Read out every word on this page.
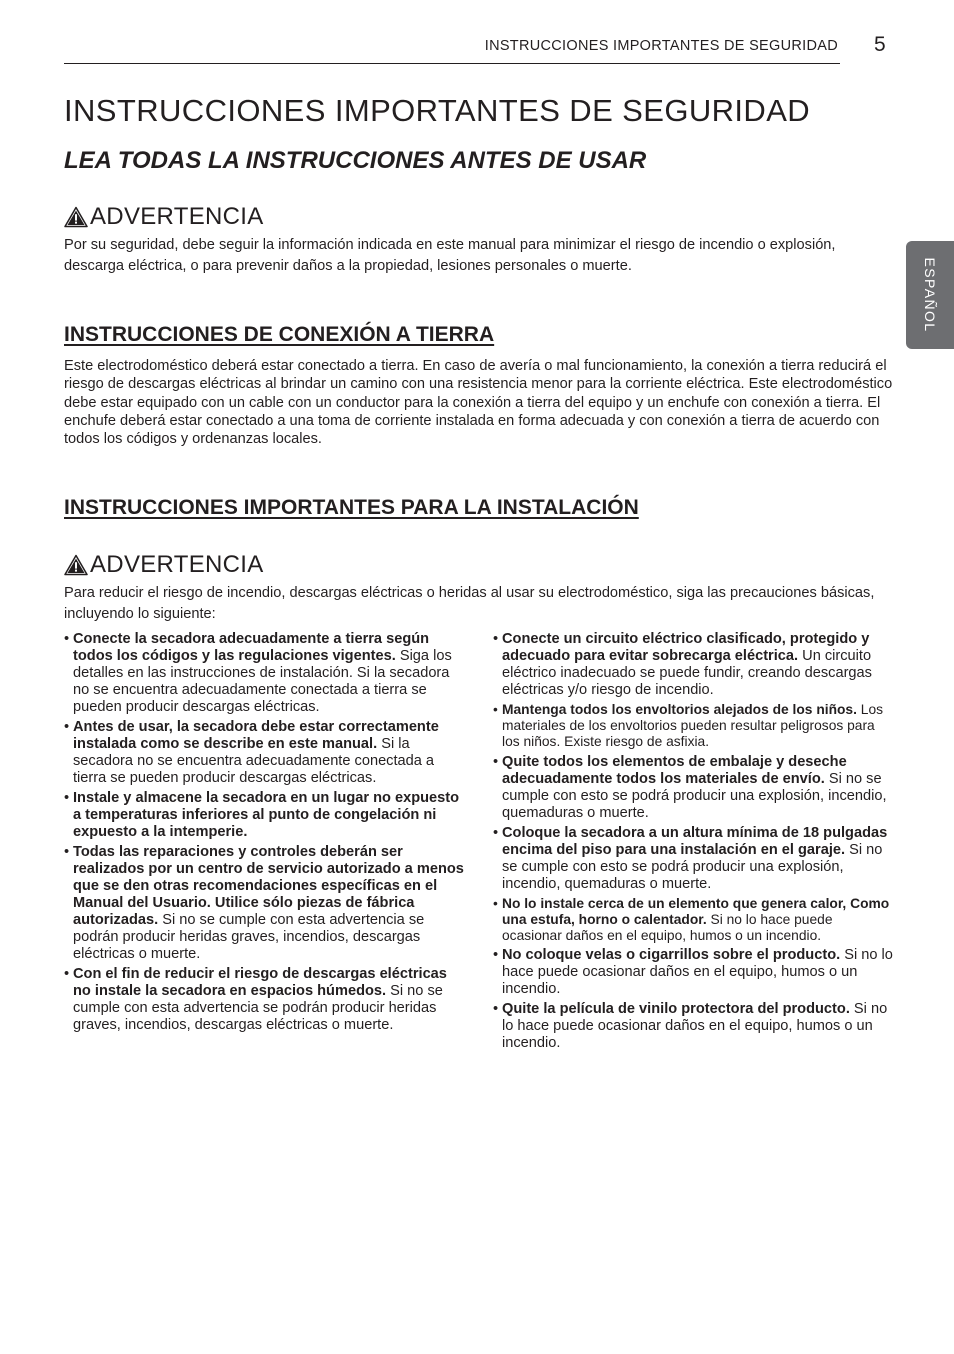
INSTRUCCIONES IMPORTANTES DE SEGURIDAD 5
ESPAÑOL
INSTRUCCIONES IMPORTANTES DE SEGURIDAD
LEA TODAS LA INSTRUCCIONES ANTES DE USAR
ADVERTENCIA

Por su seguridad, debe seguir la información indicada en este manual para minimizar el riesgo de incendio o explosión, descarga eléctrica, o para prevenir daños a la propiedad, lesiones personales o muerte.

INSTRUCCIONES DE CONEXIÓN A TIERRA

Este electrodoméstico deberá estar conectado a tierra. En caso de avería o mal funcionamiento, la conexión a tierra reducirá el riesgo de descargas eléctricas al brindar un camino con una resistencia menor para la corriente eléctrica. Este electrodoméstico debe estar equipado con un cable con un conductor para la conexión a tierra del equipo y un enchufe con conexión a tierra. El enchufe deberá estar conectado a una toma de corriente instalada en forma adecuada y con conexión a tierra de acuerdo con todos los códigos y ordenanzas locales.

INSTRUCCIONES IMPORTANTES PARA LA INSTALACIÓN
ADVERTENCIA

Para reducir el riesgo de incendio, descargas eléctricas o heridas al usar su electrodoméstico, siga las precauciones básicas, incluyendo lo siguiente:

• Conecte la secadora adecuadamente a tierra según todos los códigos y las regulaciones vigentes. Siga los detalles en las instrucciones de instalación. Si la secadora no se encuentra adecuadamente conectada a tierra se pueden producir descargas eléctricas.
• Antes de usar, la secadora debe estar correctamente instalada como se describe en este manual. Si la secadora no se encuentra adecuadamente conectada a tierra se pueden producir descargas eléctricas.
• Instale y almacene la secadora en un lugar no expuesto a temperaturas inferiores al punto de congelación ni expuesto a la intemperie.
• Todas las reparaciones y controles deberán ser realizados por un centro de servicio autorizado a menos que se den otras recomendaciones específicas en el Manual del Usuario. Utilice sólo piezas de fábrica autorizadas. Si no se cumple con esta advertencia se podrán producir heridas graves, incendios, descargas eléctricas o muerte.
• Con el fin de reducir el riesgo de descargas eléctricas no instale la secadora en espacios húmedos. Si no se cumple con esta advertencia se podrán producir heridas graves, incendios, descargas eléctricas o muerte.
• Conecte un circuito eléctrico clasificado, protegido y adecuado para evitar sobrecarga eléctrica. Un circuito eléctrico inadecuado se puede fundir, creando descargas eléctricas y/o riesgo de incendio.
• Mantenga todos los envoltorios alejados de los niños. Los materiales de los envoltorios pueden resultar peligrosos para los niños. Existe riesgo de asfixia.
• Quite todos los elementos de embalaje y deseche adecuadamente todos los materiales de envío. Si no se cumple con esto se podrá producir una explosión, incendio, quemaduras o muerte.
• Coloque la secadora a un altura mínima de 18 pulgadas encima del piso para una instalación en el garaje. Si no se cumple con esto se podrá producir una explosión, incendio, quemaduras o muerte.
• No lo instale cerca de un elemento que genera calor, Como una estufa, horno o calentador. Si no lo hace puede ocasionar daños en el equipo, humos o un incendio.
• No coloque velas o cigarrillos sobre el producto. Si no lo hace puede ocasionar daños en el equipo, humos o un incendio.
• Quite la película de vinilo protectora del producto. Si no lo hace puede ocasionar daños en el equipo, humos o un incendio.
